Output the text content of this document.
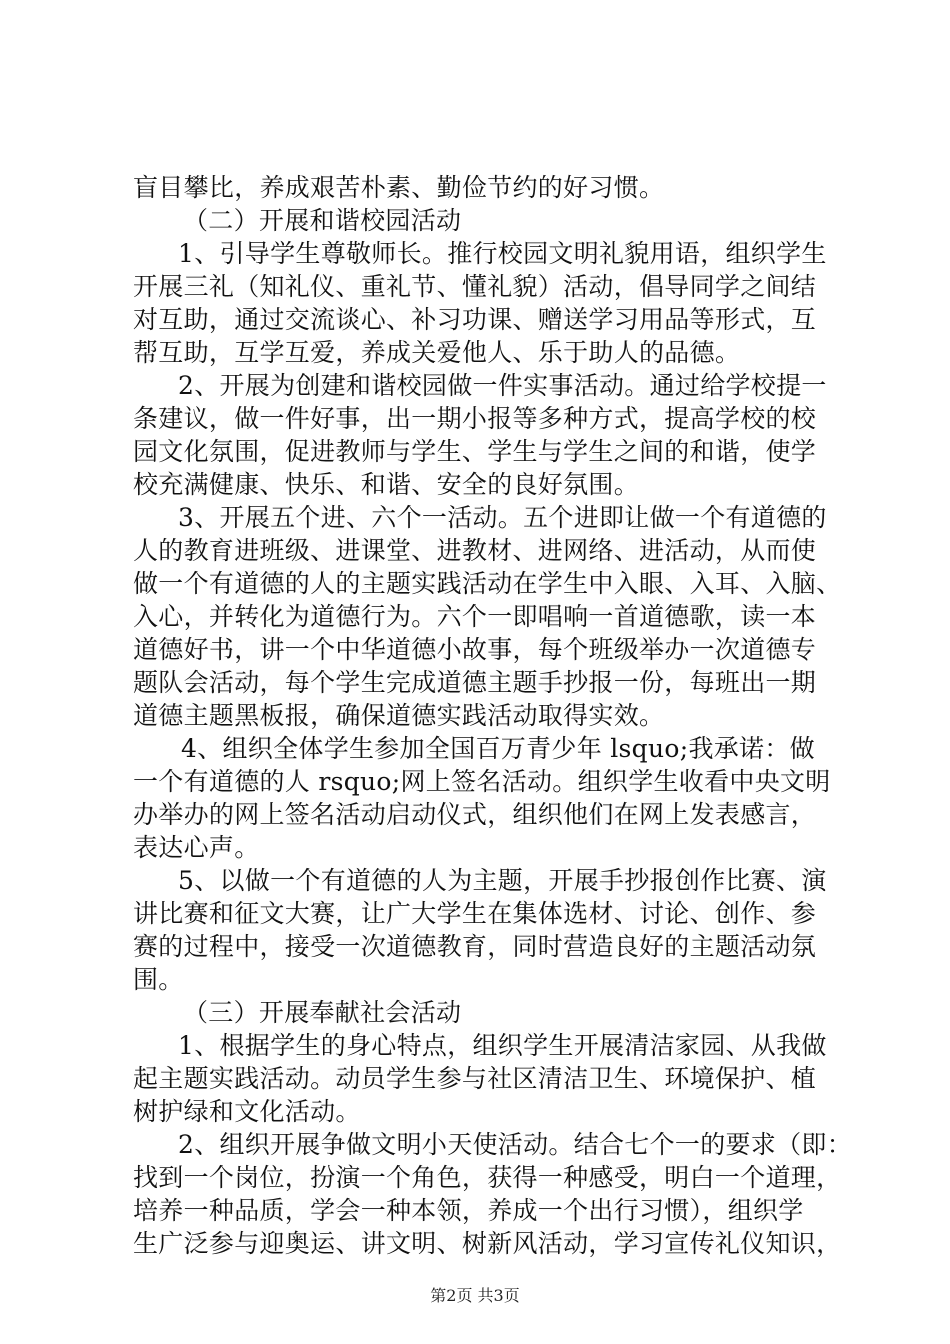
盲目攀比，养成艰苦朴素、勤俭节约的好习惯。
（二）开展和谐校园活动
1、引导学生尊敬师长。推行校园文明礼貌用语，组织学生
开展三礼（知礼仪、重礼节、懂礼貌）活动，倡导同学之间结
对互助，通过交流谈心、补习功课、赠送学习用品等形式，互
帮互助，互学互爱，养成关爱他人、乐于助人的品德。
2、开展为创建和谐校园做一件实事活动。通过给学校提一
条建议，做一件好事，出一期小报等多种方式，提高学校的校
园文化氛围，促进教师与学生、学生与学生之间的和谐，使学
校充满健康、快乐、和谐、安全的良好氛围。
3、开展五个进、六个一活动。五个进即让做一个有道德的
人的教育进班级、进课堂、进教材、进网络、进活动，从而使
做一个有道德的人的主题实践活动在学生中入眼、入耳、入脑、
入心，并转化为道德行为。六个一即唱响一首道德歌，读一本
道德好书，讲一个中华道德小故事，每个班级举办一次道德专
题队会活动，每个学生完成道德主题手抄报一份，每班出一期
道德主题黑板报，确保道德实践活动取得实效。
4、组织全体学生参加全国百万青少年 lsquo;我承诺：做
一个有道德的人 rsquo;网上签名活动。组织学生收看中央文明
办举办的网上签名活动启动仪式，组织他们在网上发表感言，
表达心声。
5、以做一个有道德的人为主题，开展手抄报创作比赛、演
讲比赛和征文大赛，让广大学生在集体选材、讨论、创作、参
赛的过程中，接受一次道德教育，同时营造良好的主题活动氛
围。
（三）开展奉献社会活动
1、根据学生的身心特点，组织学生开展清洁家园、从我做
起主题实践活动。动员学生参与社区清洁卫生、环境保护、植
树护绿和文化活动。
2、组织开展争做文明小天使活动。结合七个一的要求（即：
找到一个岗位，扮演一个角色，获得一种感受，明白一个道理，
培养一种品质，学会一种本领，养成一个出行习惯），组织学
生广泛参与迎奥运、讲文明、树新风活动，学习宣传礼仪知识，
第2页 共3页
